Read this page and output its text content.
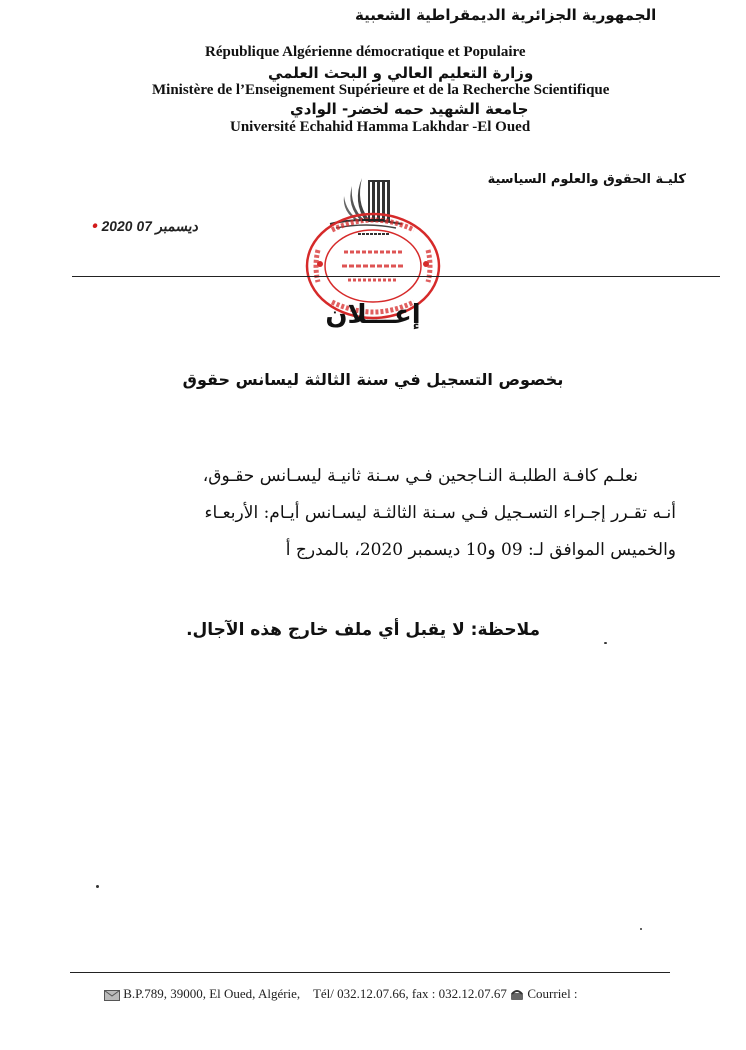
الجمهورية الجزائرية الديمقراطية الشعبية
République Algérienne démocratique et Populaire
وزارة التعليم العالي و البحث العلمي
Ministère de l’Enseignement Supérieure et de la Recherche Scientifique
جامعة الشهيد حمه لخضر- الوادي
Université Echahid Hamma Lakhdar -El Oued
كليـة الحقوق والعلوم السياسية
• 2020 ديسمبر 07
إعـــلان
بخصوص التسجيل في سنة الثالثة ليسانس حقوق
نعلـم كافـة الطلبـة النـاجحين فـي سـنة ثانيـة ليسـانس حقـوق،
أنـه تقـرر إجـراء التسـجيل فـي سـنة الثالثـة ليسـانس أيـام: الأربعـاء
والخميس الموافق لـ: 09 و10 ديسمبر 2020، بالمدرج أ
ملاحظة: لا يقبل أي ملف خارج هذه الآجال.
B.P.789, 39000, El Oued, Algérie, Tél/ 032.12.07.66, fax : 032.12.07.67 Courriel :
